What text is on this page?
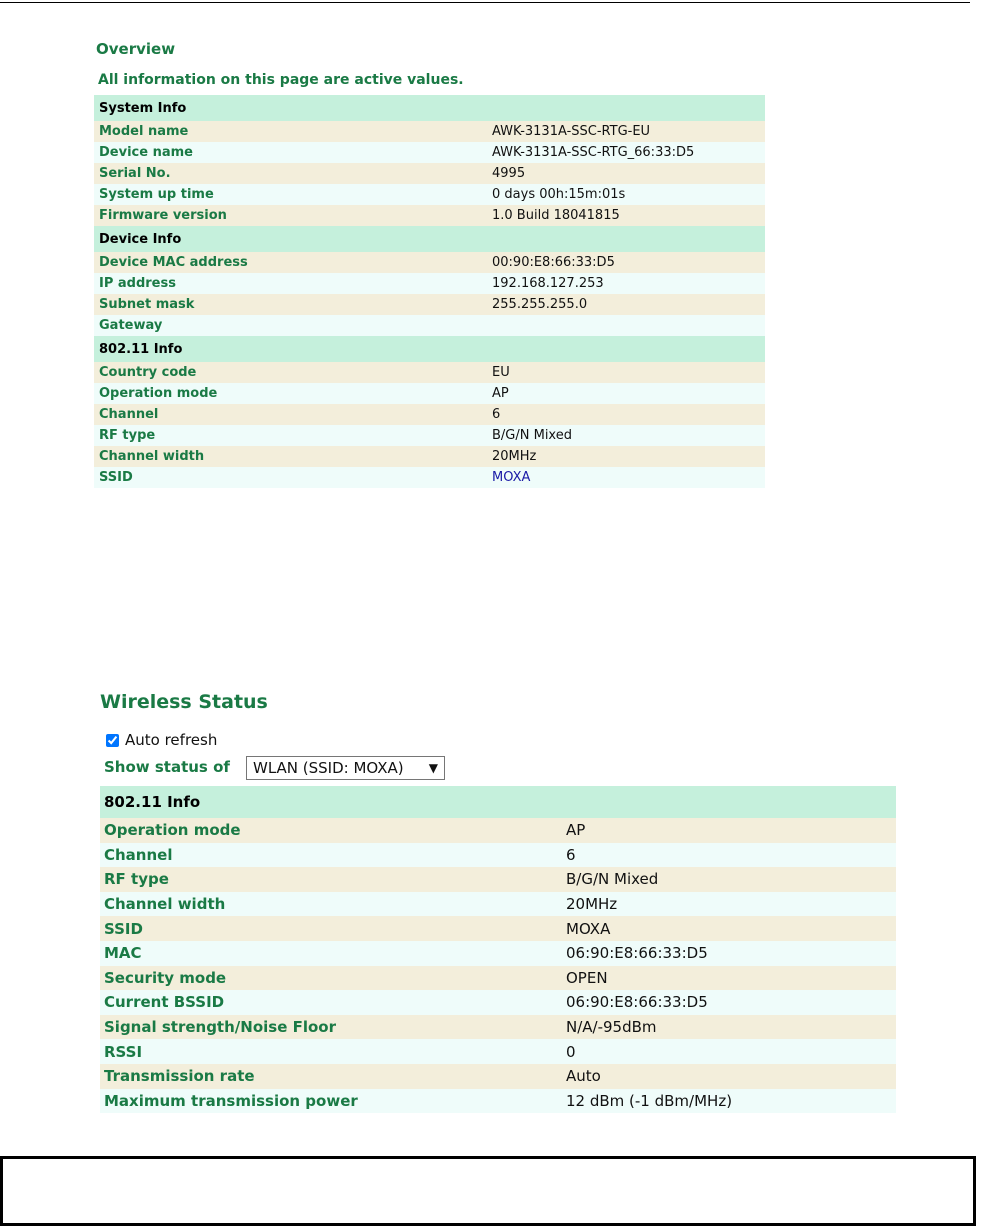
Overview
All information on this page are active values.
System Info	
Model name	AWK-3131A-SSC-RTG-EU
Device name	AWK-3131A-SSC-RTG_66:33:D5
Serial No.	4995
System up time	0 days 00h:15m:01s
Firmware version	1.0 Build 18041815
Device Info	
Device MAC address	00:90:E8:66:33:D5
IP address	192.168.127.253
Subnet mask	255.255.255.0
Gateway	
802.11 Info	
Country code	EU
Operation mode	AP
Channel	6
RF type	B/G/N Mixed
Channel width	20MHz
SSID	MOXA
Wireless Status
Auto refresh
Show status of WLAN (SSID: MOXA) ▼
802.11 Info	
Operation mode	AP
Channel	6
RF type	B/G/N Mixed
Channel width	20MHz
SSID	MOXA
MAC	06:90:E8:66:33:D5
Security mode	OPEN
Current BSSID	06:90:E8:66:33:D5
Signal strength/Noise Floor	N/A/-95dBm
RSSI	0
Transmission rate	Auto
Maximum transmission power	12 dBm (-1 dBm/MHz)
